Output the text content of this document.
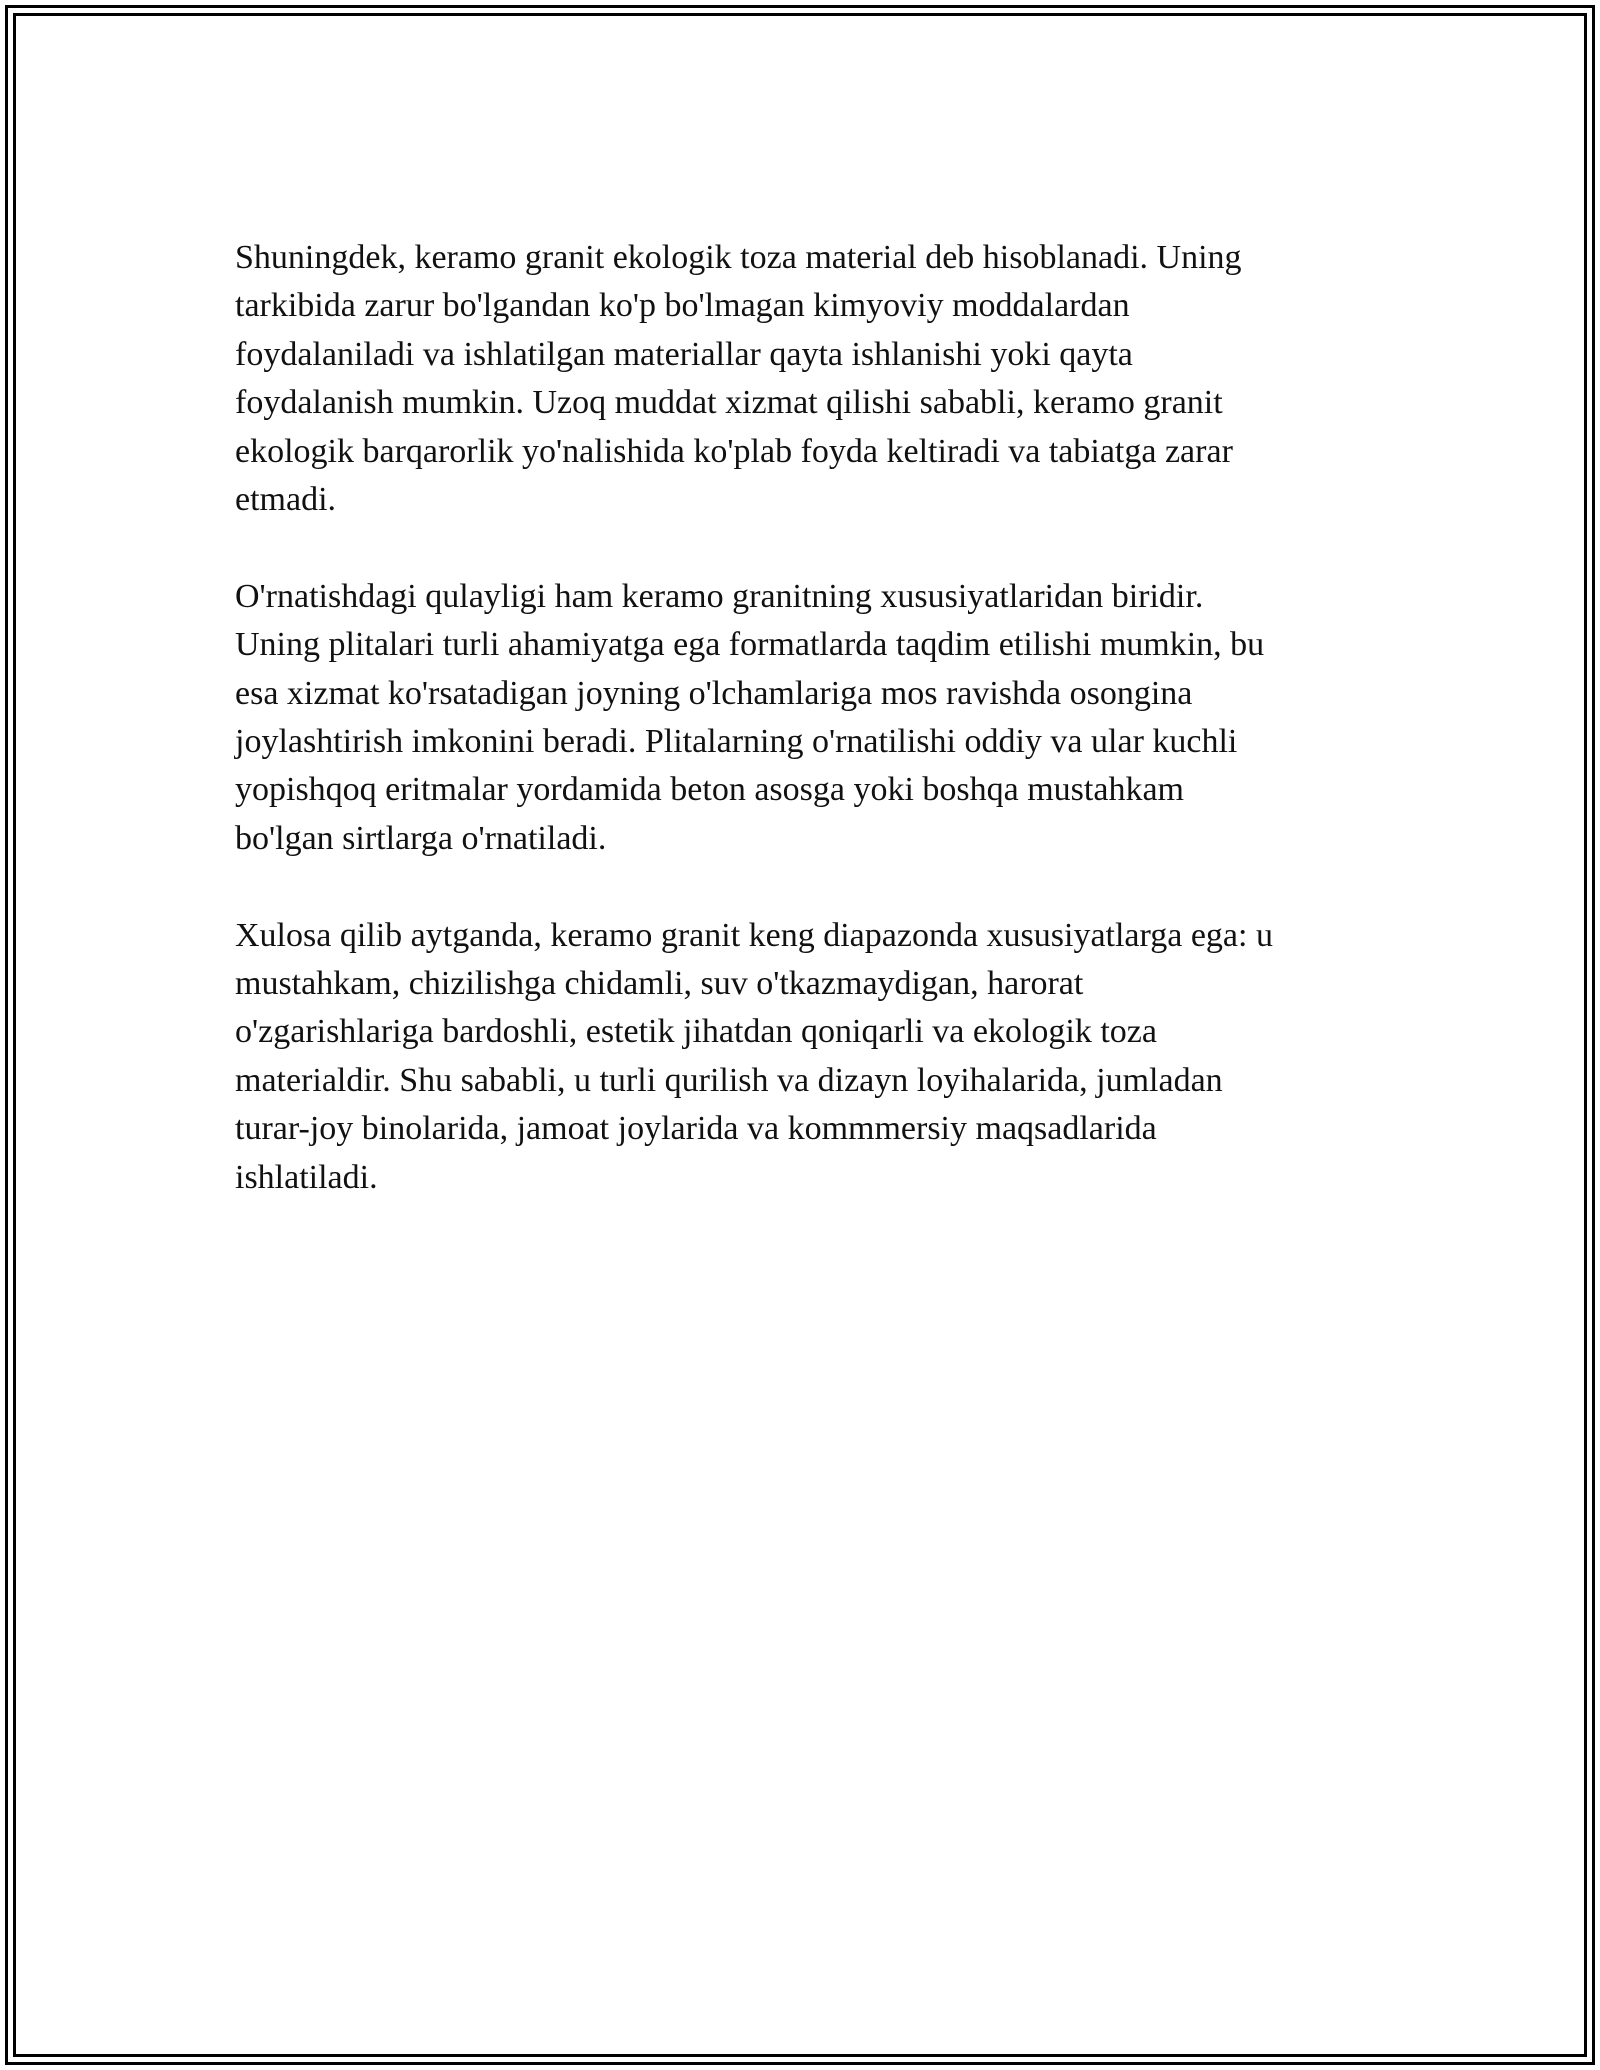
Shuningdek, keramo granit ekologik toza material deb hisoblanadi. Uning
tarkibida zarur bo'lgandan ko'p bo'lmagan kimyoviy moddalardan
foydalaniladi va ishlatilgan materiallar qayta ishlanishi yoki qayta
foydalanish mumkin. Uzoq muddat xizmat qilishi sababli, keramo granit
ekologik barqarorlik yo'nalishida ko'plab foyda keltiradi va tabiatga zarar
etmadi.

O'rnatishdagi qulayligi ham keramo granitning xususiyatlaridan biridir.
Uning plitalari turli ahamiyatga ega formatlarda taqdim etilishi mumkin, bu
esa xizmat ko'rsatadigan joyning o'lchamlariga mos ravishda osongina
joylashtirish imkonini beradi. Plitalarning o'rnatilishi oddiy va ular kuchli
yopishqoq eritmalar yordamida beton asosga yoki boshqa mustahkam
bo'lgan sirtlarga o'rnatiladi.

Xulosa qilib aytganda, keramo granit keng diapazonda xususiyatlarga ega: u
mustahkam, chizilishga chidamli, suv o'tkazmaydigan, harorat
o'zgarishlariga bardoshli, estetik jihatdan qoniqarli va ekologik toza
materialdir. Shu sababli, u turli qurilish va dizayn loyihalarida, jumladan
turar-joy binolarida, jamoat joylarida va kommmersiy maqsadlarida
ishlatiladi.
